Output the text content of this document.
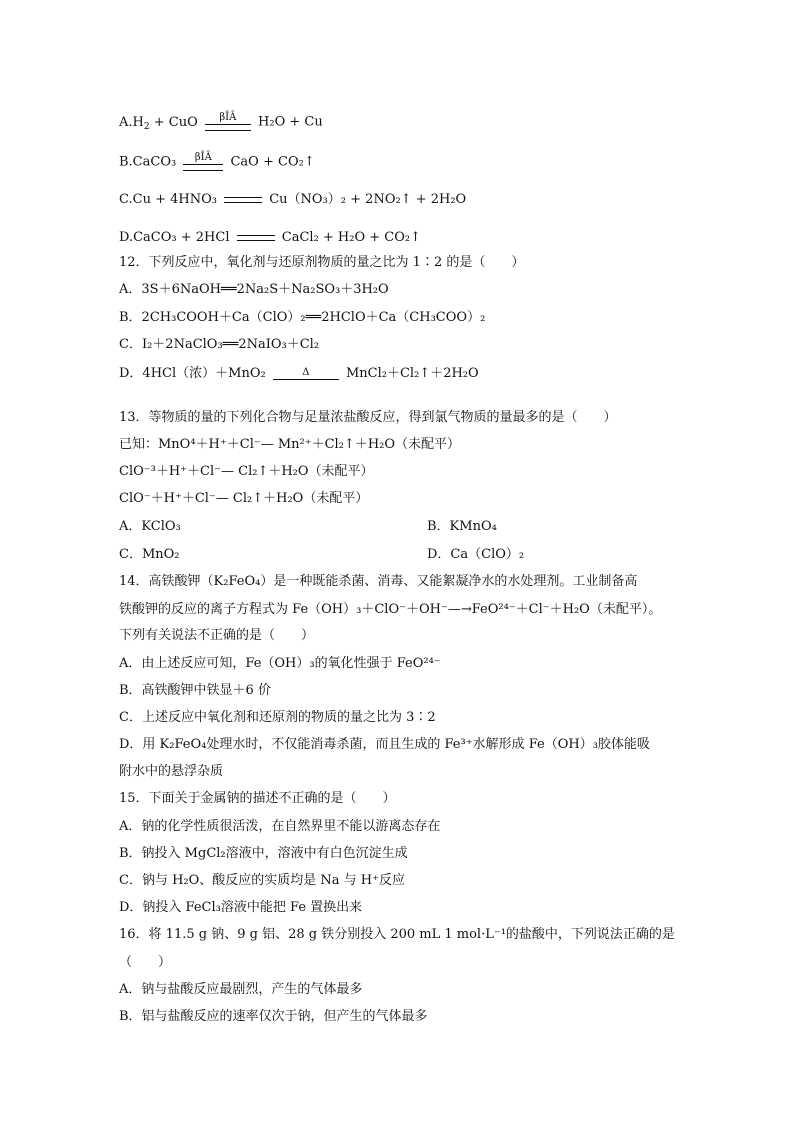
$A.H_2$ + CuO	βÎÂ	H₂O + Cu
B.CaCO₃	βÎÂ	CaO + CO₂↑
C.Cu + 4HNO₃	Cu（NO₃）₂ + 2NO₂↑ + 2H₂O
D.CaCO₃ + 2HCl	CaCl₂ + H₂O + CO₂↑
12．下列反应中，氧化剂与还原剂物质的量之比为 1∶2 的是（　　）
A．3S＋6NaOH══2Na₂S＋Na₂SO₃＋3H₂O
B．2CH₃COOH＋Ca（ClO）₂══2HClO＋Ca（CH₃COO）₂
C．I₂＋2NaClO₃══2NaIO₃＋Cl₂
D．4HCl（浓）＋MnO₂	Δ	MnCl₂＋Cl₂↑＋2H₂O
13．等物质的量的下列化合物与足量浓盐酸反应，得到氯气物质的量最多的是（　　）
已知：MnO⁴＋H⁺＋Cl⁻— Mn²⁺＋Cl₂↑＋H₂O（未配平）
ClO⁻³＋H⁺＋Cl⁻— Cl₂↑＋H₂O（未配平）
ClO⁻＋H⁺＋Cl⁻— Cl₂↑＋H₂O（未配平）
A．KClO₃	B．KMnO₄
C．MnO₂	D．Ca（ClO）₂
14．高铁酸钾（K₂FeO₄）是一种既能杀菌、消毒、又能絮凝净水的水处理剂。工业制备高
铁酸钾的反应的离子方程式为 Fe（OH）₃＋ClO⁻＋OH⁻—→FeO²⁴⁻＋Cl⁻＋H₂O（未配平）。
下列有关说法不正确的是（　　）
A．由上述反应可知，Fe（OH）₃的氧化性强于 FeO²⁴⁻
B．高铁酸钾中铁显＋6 价
C．上述反应中氧化剂和还原剂的物质的量之比为 3∶2
D．用 K₂FeO₄处理水时，不仅能消毒杀菌，而且生成的 Fe³⁺水解形成 Fe（OH）₃胶体能吸
附水中的悬浮杂质
15．下面关于金属钠的描述不正确的是（　　）
A．钠的化学性质很活泼，在自然界里不能以游离态存在
B．钠投入 MgCl₂溶液中，溶液中有白色沉淀生成
C．钠与 H₂O、酸反应的实质均是 Na 与 H⁺反应
D．钠投入 FeCl₃溶液中能把 Fe 置换出来
16．将 11.5 g 钠、9 g 铝、28 g 铁分别投入 200 mL 1 mol·L⁻¹的盐酸中，下列说法正确的是
（　　）
A．钠与盐酸反应最剧烈，产生的气体最多
B．铝与盐酸反应的速率仅次于钠，但产生的气体最多
